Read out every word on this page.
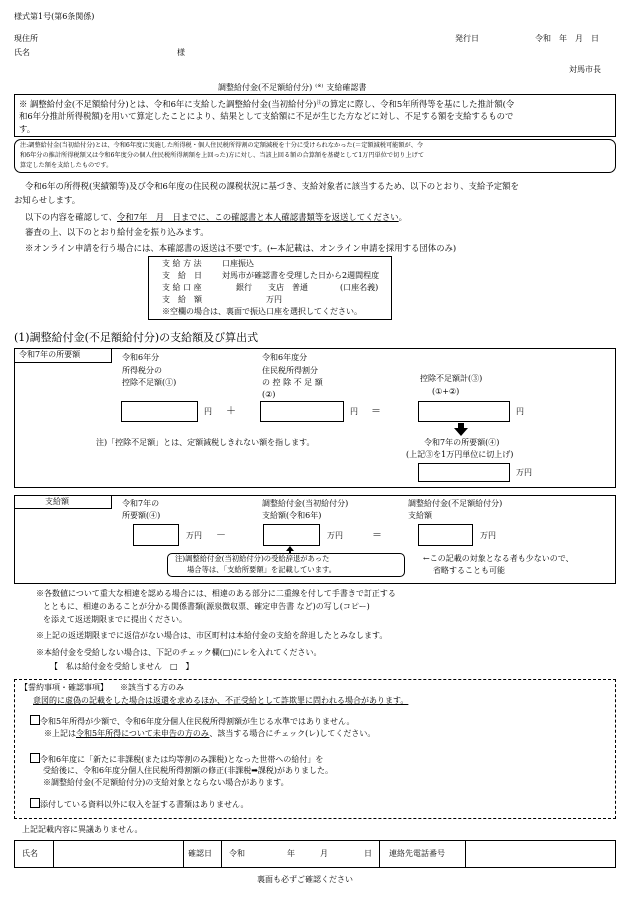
様式第1号(第6条関係)
現住所
氏名	様
発行日	令和　年　月　日
対馬市長
調整給付金(不足額給付分) (※) 支給確認書
※ 調整給付金(不足額給付分)とは、令和6年に支給した調整給付金(当初給付分)$^注$の算定に際し、令和5年所得等を基にした推計額(令
和6年分推計所得税額)を用いて算定したことにより、結果として支給額に不足が生じた方などに対し、不足する額を支給するもので
す。
注:調整給付金(当初給付分)とは、令和6年度に実施した所得税・個人住民税所得割の定額減税を十分に受けられなかった(＝定額減税可能額が、令
和6年分の推計所得税額又は令和6年度分の個人住民税所得割額を上回った)方に対し、当該上回る額の合算額を基礎として1万円単位で切り上げて
算定した額を支給したものです。
令和6年の所得税(実績額等)及び令和6年度の住民税の課税状況に基づき、支給対象者に該当するため、以下のとおり、支給予定額を
お知らせします。
以下の内容を確認して、令和7年　月　日までに、この確認書と本人確認書類等を返送してください。
審査の上、以下のとおり給付金を振り込みます。
※オンライン申請を行う場合には、本確認書の返送は不要です。(←本記載は、オンライン申請を採用する団体のみ)
支 給 方 法	口座振込
支　給　日	対馬市が確認書を受理した日から2週間程度
支 給 口 座	銀行　　支店　普通　　　　(口座名義)
支　給　額	万円
※空欄の場合は、裏面で振込口座を選択してください。
(1)調整給付金(不足額給付分)の支給額及び算出式
令和7年の所要額	令和6年分
所得税分の
控除不足額(①)
令和6年度分
住民税所得割分
の 控 除 不 足 額
(②)
控除不足額計(③)
(①+②)
円 ＋	円 ＝	円
注)「控除不足額」とは、定額減税しきれない額を指します。	令和7年の所要額(④)
(上記③を1万円単位に切上げ)
万円
支給額	令和7年の
所要額(④)
調整給付金(当初給付分)
支給額(令和6年)
調整給付金(不足額給付分)
支給額
万円 －	万円	＝	万円
注)調整給付金(当初給付分)の受給辞退があった
場合等は、「支給所要額」を記載しています。
←この記載の対象となる者も少ないので、
省略することも可能
※各数値について重大な相違を認める場合には、相違のある部分に二重線を付して手書きで訂正する
とともに、相違のあることが分かる関係書類(源泉徴収票、確定申告書 など)の写し(コピー)
を添えて返送期限までに提出ください。
※上記の返送期限までに返信がない場合は、市区町村は本給付金の支給を辞退したとみなします。
※本給付金を受給しない場合は、下記のチェック欄(□)にレを入れてください。
【　私は給付金を受給しません　□　】
【誓約事項・確認事項】 ※該当する方のみ
意図的に虚偽の記載をした場合は返還を求めるほか、不正受給として詐欺罪に問われる場合があります。
令和5年所得が少額で、令和6年度分個人住民税所得割額が生じる水準ではありません。
※上記は令和5年所得について未申告の方のみ、該当する場合にチェック(レ)してください。
令和6年度に「新たに非課税(または均等割のみ課税)となった世帯への給付」を
受給後に、令和6年度分個人住民税所得割額の修正(非課税➡課税)がありました。
※調整給付金(不足額給付分)の支給対象とならない場合があります。
添付している資料以外に収入を証する書類はありません。
上記記載内容に異議ありません。
氏名	確認日 令和	年	月	日 連絡先電話番号
裏面も必ずご確認ください
